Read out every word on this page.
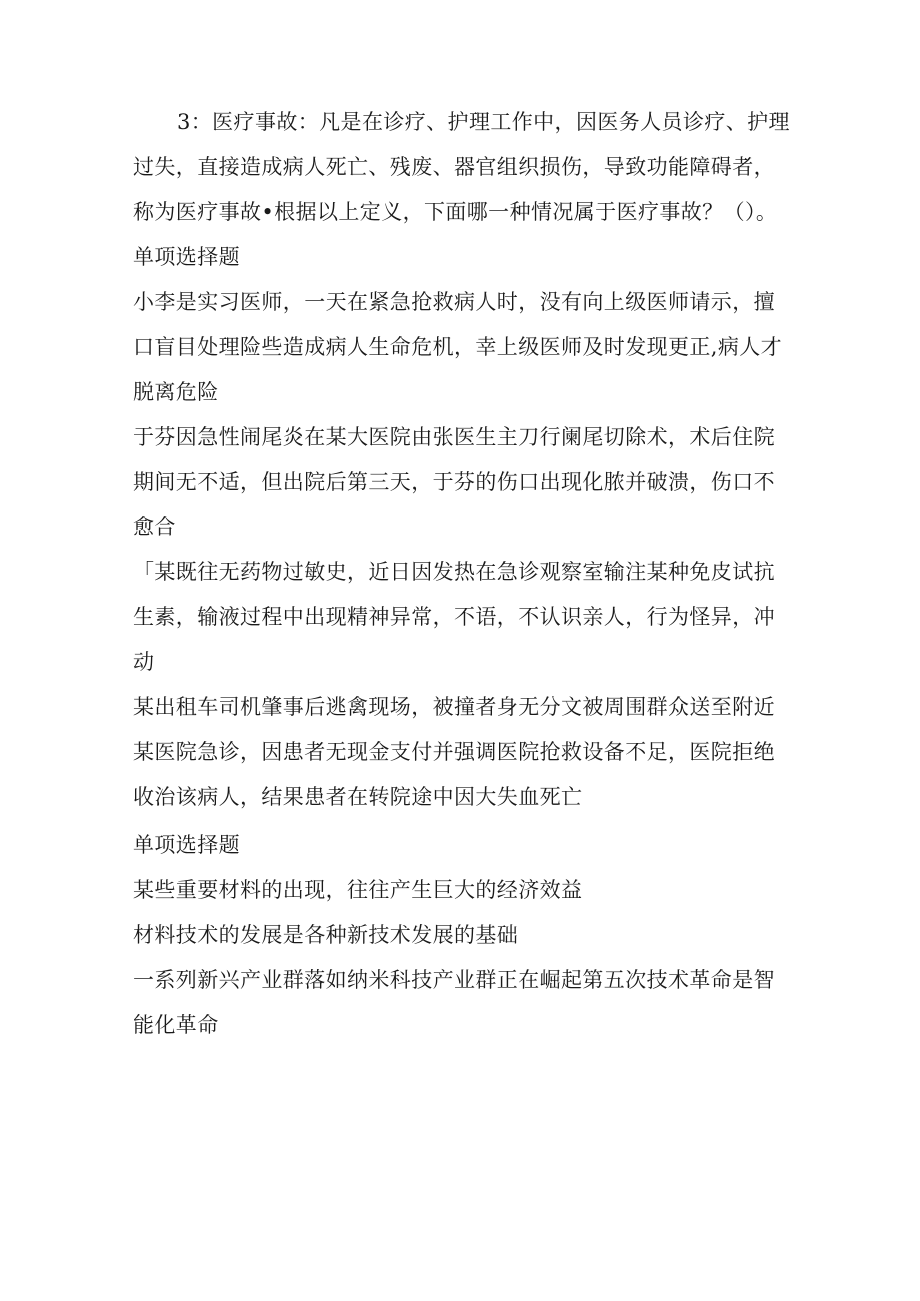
3：医疗事故：凡是在诊疗、护理工作中，因医务人员诊疗、护理
过失，直接造成病人死亡、残废、器官组织损伤，导致功能障碍者，
称为医疗事故•根据以上定义，下面哪一种情况属于医疗事故？（）。
单项选择题
小李是实习医师，一天在紧急抢救病人时，没有向上级医师请示，擅
口盲目处理险些造成病人生命危机，幸上级医师及时发现更正,病人才
脱离危险
于芬因急性闹尾炎在某大医院由张医生主刀行阑尾切除术，术后住院
期间无不适，但出院后第三天，于芬的伤口出现化脓并破溃，伤口不
愈合
「某既往无药物过敏史，近日因发热在急诊观察室输注某种免皮试抗
生素，输液过程中出现精神异常，不语，不认识亲人，行为怪异，冲
动
某出租车司机肇事后逃禽现场，被撞者身无分文被周围群众送至附近
某医院急诊，因患者无现金支付并强调医院抢救设备不足，医院拒绝
收治该病人，结果患者在转院途中因大失血死亡
单项选择题
某些重要材料的出现，往往产生巨大的经济效益
材料技术的发展是各种新技术发展的基础
一系列新兴产业群落如纳米科技产业群正在崛起第五次技术革命是智
能化革命
